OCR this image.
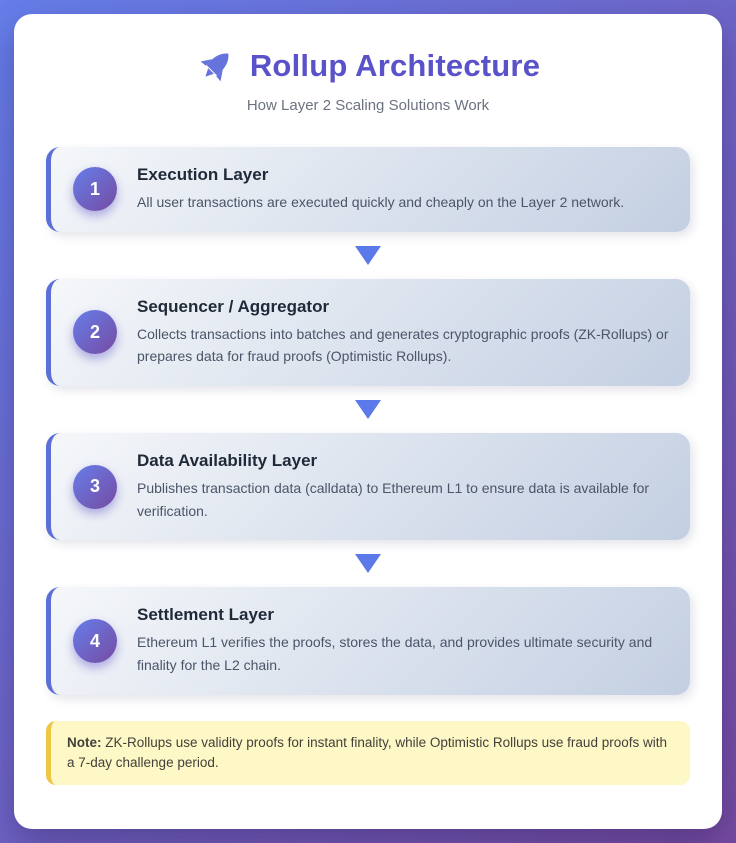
Rollup Architecture
How Layer 2 Scaling Solutions Work
1
Execution Layer
All user transactions are executed quickly and cheaply on the Layer 2 network.
2
Sequencer / Aggregator
Collects transactions into batches and generates cryptographic proofs (ZK-Rollups) or prepares data for fraud proofs (Optimistic Rollups).
3
Data Availability Layer
Publishes transaction data (calldata) to Ethereum L1 to ensure data is available for verification.
4
Settlement Layer
Ethereum L1 verifies the proofs, stores the data, and provides ultimate security and finality for the L2 chain.
Note: ZK-Rollups use validity proofs for instant finality, while Optimistic Rollups use fraud proofs with a 7-day challenge period.
